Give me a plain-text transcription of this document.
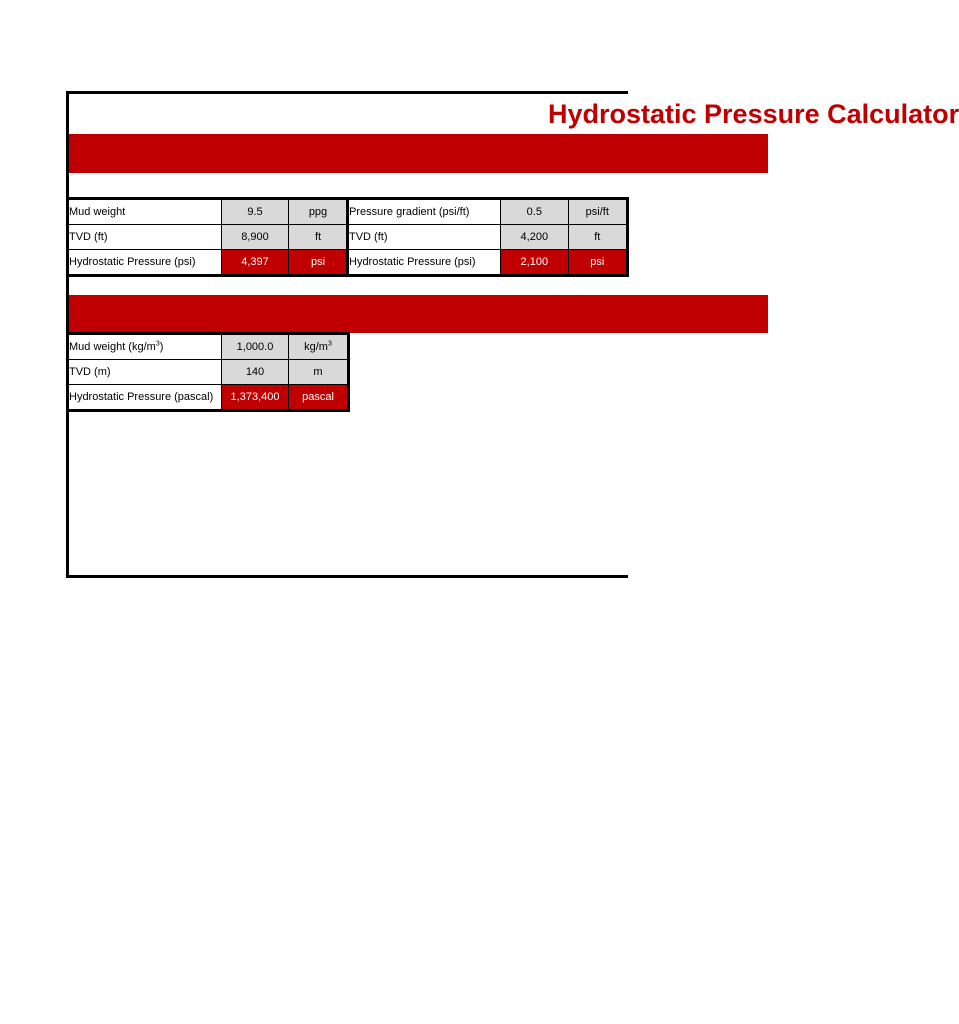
Hydrostatic Pressure Calculator
Mud weight	9.5	ppg
TVD (ft)	8,900	ft
Hydrostatic Pressure (psi)	4,397	psi
Pressure gradient (psi/ft)	0.5	psi/ft
TVD (ft)	4,200	ft
Hydrostatic Pressure (psi)	2,100	psi
Mud weight $(kg/m^3)$	1,000.0	$kg/m^3$
TVD (m)	140	m
Hydrostatic Pressure (pascal)	1,373,400	pascal
